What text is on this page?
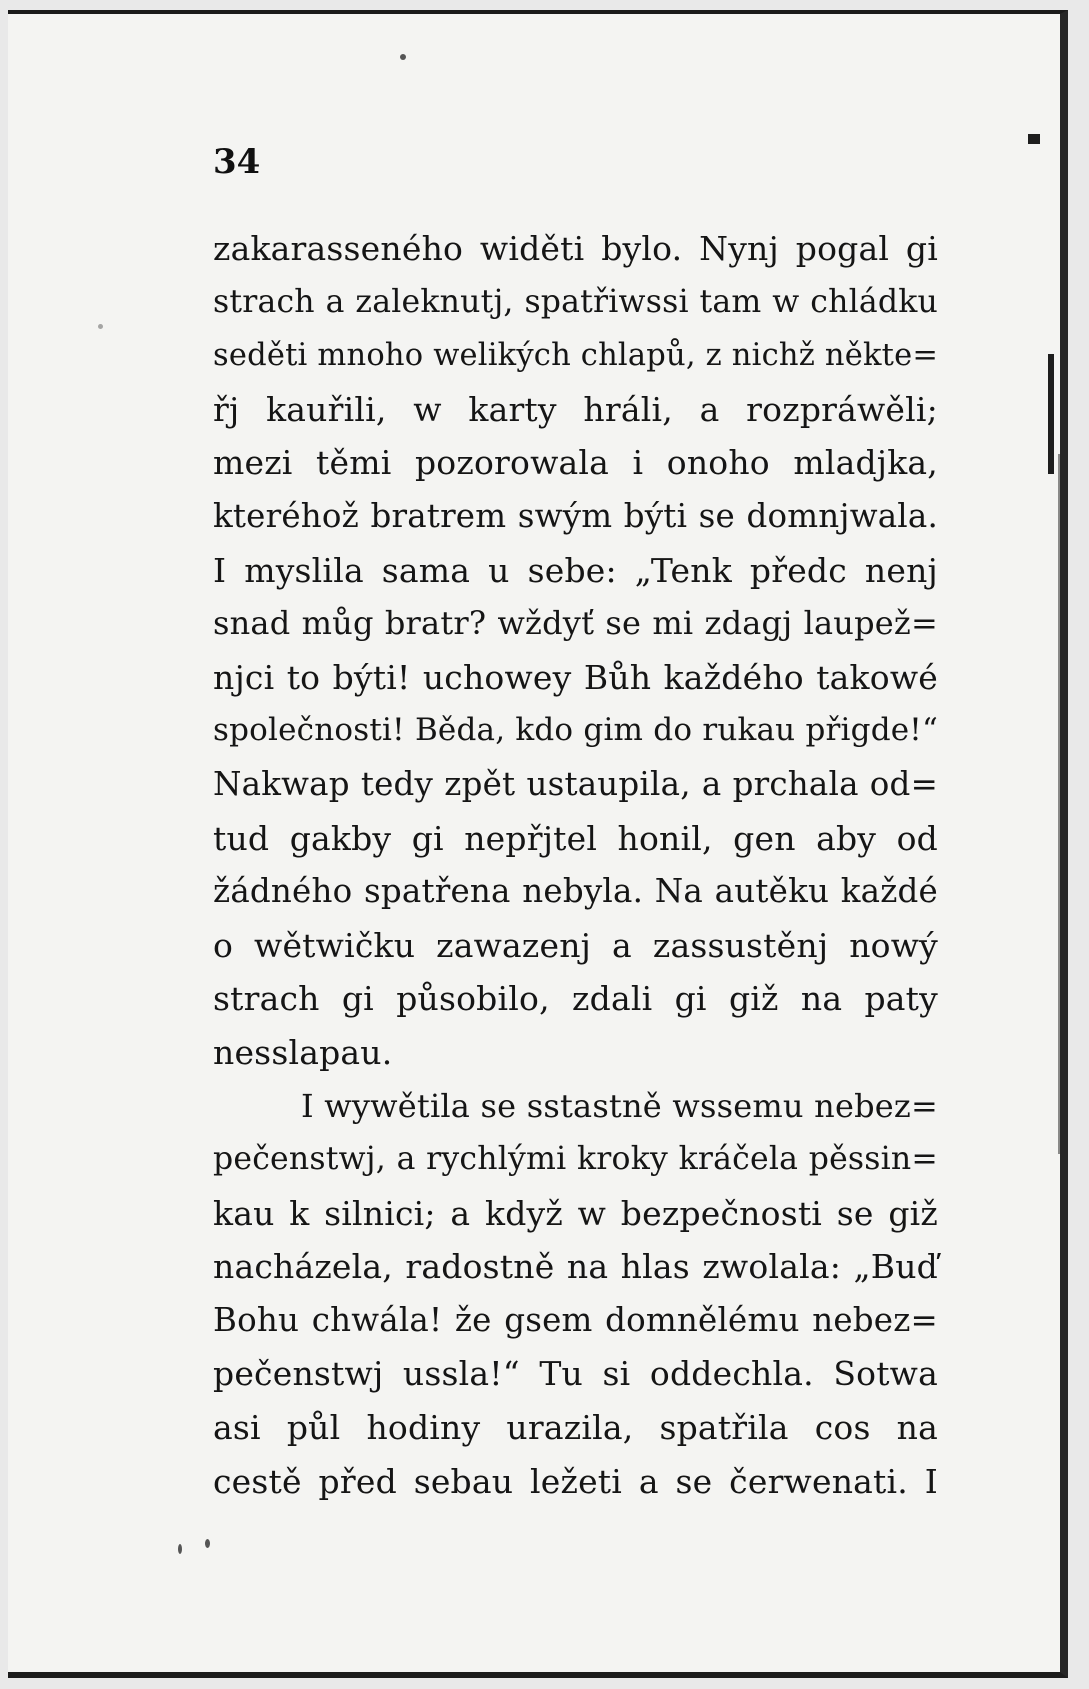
34
zakarasseného widěti bylo. Nynj pogal gi
strach a zaleknutj, spatřiwssi tam w chládku
seděti mnoho welikých chlapů, z nichž někte=
řj kauřili, w karty hráli, a rozpráwěli;
mezi těmi pozorowala i onoho mladjka,
kteréhož bratrem swým býti se domnjwala.
I myslila sama u sebe: „Tenk předc nenj
snad můg bratr? wždyť se mi zdagj laupež=
njci to býti! uchowey Bůh každého takowé
společnosti! Běda, kdo gim do rukau přigde!“
Nakwap tedy zpět ustaupila, a prchala od=
tud gakby gi nepřjtel honil, gen aby od
žádného spatřena nebyla. Na autěku každé
o wětwičku zawazenj a zassustěnj nowý
strach gi působilo, zdali gi giž na paty
nesslapau.
I wywětila se sstastně wssemu nebez=
pečenstwj, a rychlými kroky kráčela pěssin=
kau k silnici; a když w bezpečnosti se giž
nacházela, radostně na hlas zwolala: „Buď
Bohu chwála! že gsem domnělému nebez=
pečenstwj ussla!“ Tu si oddechla. Sotwa
asi půl hodiny urazila, spatřila cos na
cestě před sebau ležeti a se čerwenati. I
